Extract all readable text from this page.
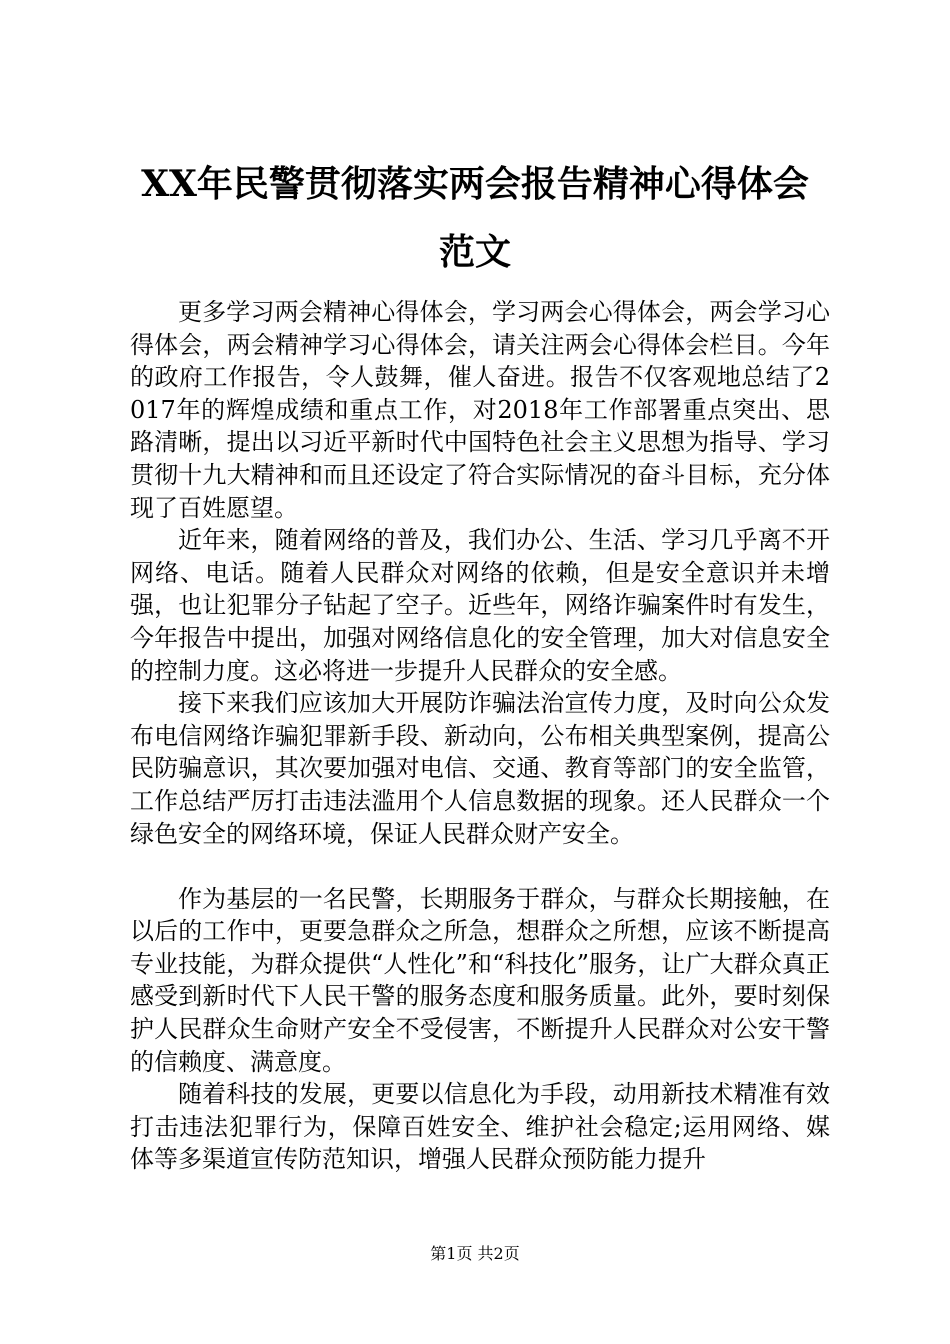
XX年民警贯彻落实两会报告精神心得体会范文

更多学习两会精神心得体会，学习两会心得体会，两会学习心得体会，两会精神学习心得体会，请关注两会心得体会栏目。今年的政府工作报告，令人鼓舞，催人奋进。报告不仅客观地总结了2017年的辉煌成绩和重点工作，对2018年工作部署重点突出、思路清晰，提出以习近平新时代中国特色社会主义思想为指导、学习贯彻十九大精神和而且还设定了符合实际情况的奋斗目标，充分体现了百姓愿望。

近年来，随着网络的普及，我们办公、生活、学习几乎离不开网络、电话。随着人民群众对网络的依赖，但是安全意识并未增强，也让犯罪分子钻起了空子。近些年，网络诈骗案件时有发生，今年报告中提出，加强对网络信息化的安全管理，加大对信息安全的控制力度。这必将进一步提升人民群众的安全感。

接下来我们应该加大开展防诈骗法治宣传力度，及时向公众发布电信网络诈骗犯罪新手段、新动向，公布相关典型案例，提高公民防骗意识，其次要加强对电信、交通、教育等部门的安全监管，工作总结严厉打击违法滥用个人信息数据的现象。还人民群众一个绿色安全的网络环境，保证人民群众财产安全。

作为基层的一名民警，长期服务于群众，与群众长期接触，在以后的工作中，更要急群众之所急，想群众之所想，应该不断提高专业技能，为群众提供“人性化”和“科技化”服务，让广大群众真正感受到新时代下人民干警的服务态度和服务质量。此外，要时刻保护人民群众生命财产安全不受侵害，不断提升人民群众对公安干警的信赖度、满意度。

随着科技的发展，更要以信息化为手段，动用新技术精准有效打击违法犯罪行为，保障百姓安全、维护社会稳定;运用网络、媒体等多渠道宣传防范知识，增强人民群众预防能力提升

第1页 共2页
